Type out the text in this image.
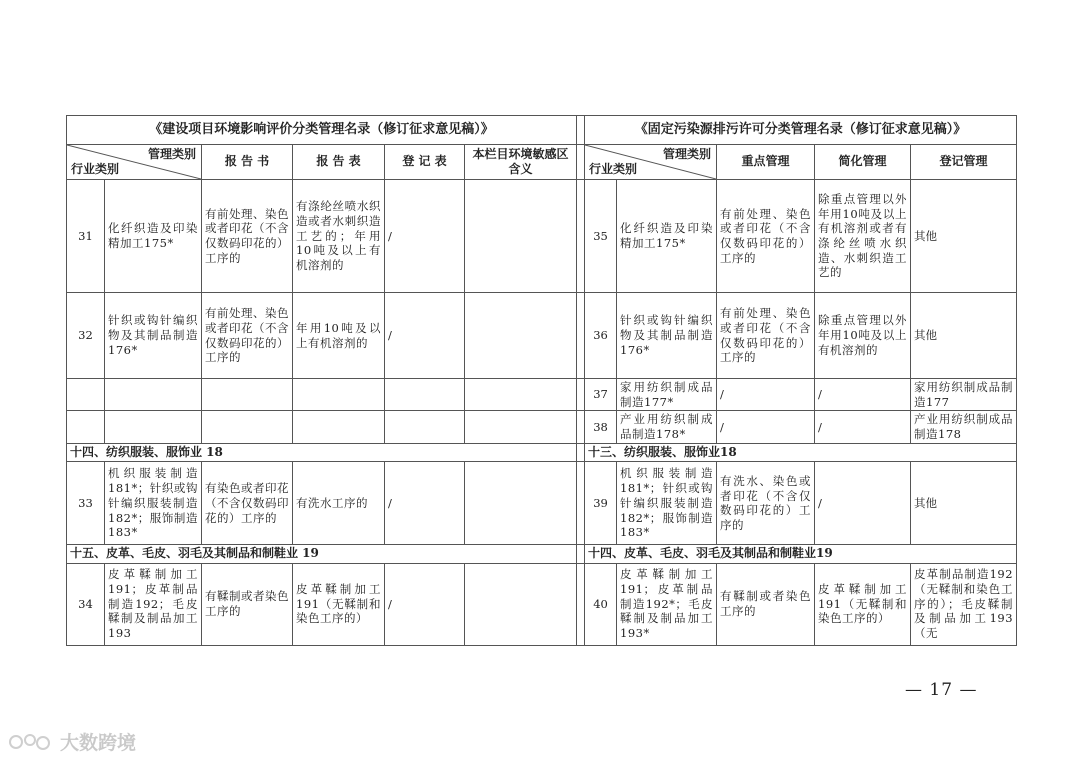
《建设项目环境影响评价分类管理名录（修订征求意见稿）》							《固定污染源排污许可分类管理名录（修订征求意见稿）》				

管理类别
行业类别		报 告 书	报 告 表	登 记 表	本栏目环境敏感区含义		管理类别
行业类别		重点管理	简化管理	登记管理
31	化纤织造及印染精加工175*	有前处理、染色或者印花（不含仅数码印花的）工序的	有涤纶丝喷水织造或者水刺织造工艺的；年用10吨及以上有机溶剂的	/			35	化纤织造及印染精加工175*	有前处理、染色或者印花（不含仅数码印花的）工序的	除重点管理以外年用10吨及以上有机溶剂或者有涤纶丝喷水织造、水刺织造工艺的	其他
32	针织或钩针编织物及其制品制造176*	有前处理、染色或者印花（不含仅数码印花的）工序的	年用10吨及以上有机溶剂的	/			36	针织或钩针编织物及其制品制造176*	有前处理、染色或者印花（不含仅数码印花的）工序的	除重点管理以外年用10吨及以上有机溶剂的	其他
							37	家用纺织制成品制造177*	/	/	家用纺织制成品制造177
							38	产业用纺织制成品制造178*	/	/	产业用纺织制成品制造178
十四、纺织服装、服饰业 18							十三、纺织服装、服饰业18				
33	机织服装制造181*；针织或钩针编织服装制造182*；服饰制造183*	有染色或者印花（不含仅数码印花的）工序的	有洗水工序的	/			39	机织服装制造181*；针织或钩针编织服装制造182*；服饰制造183*	有洗水、染色或者印花（不含仅数码印花的）工序的	/	其他
十五、皮革、毛皮、羽毛及其制品和制鞋业 19							十四、皮革、毛皮、羽毛及其制品和制鞋业19				
34	皮革鞣制加工191；皮革制品制造192；毛皮鞣制及制品加工193	有鞣制或者染色工序的	皮革鞣制加工191（无鞣制和染色工序的）	/			40	皮革鞣制加工191；皮革制品制造192*；毛皮鞣制及制品加工193*	有鞣制或者染色工序的	皮革鞣制加工191（无鞣制和染色工序的）	皮革制品制造192（无鞣制和染色工序的）；毛皮鞣制及制品加工193（无
— 17 —
大数跨境
